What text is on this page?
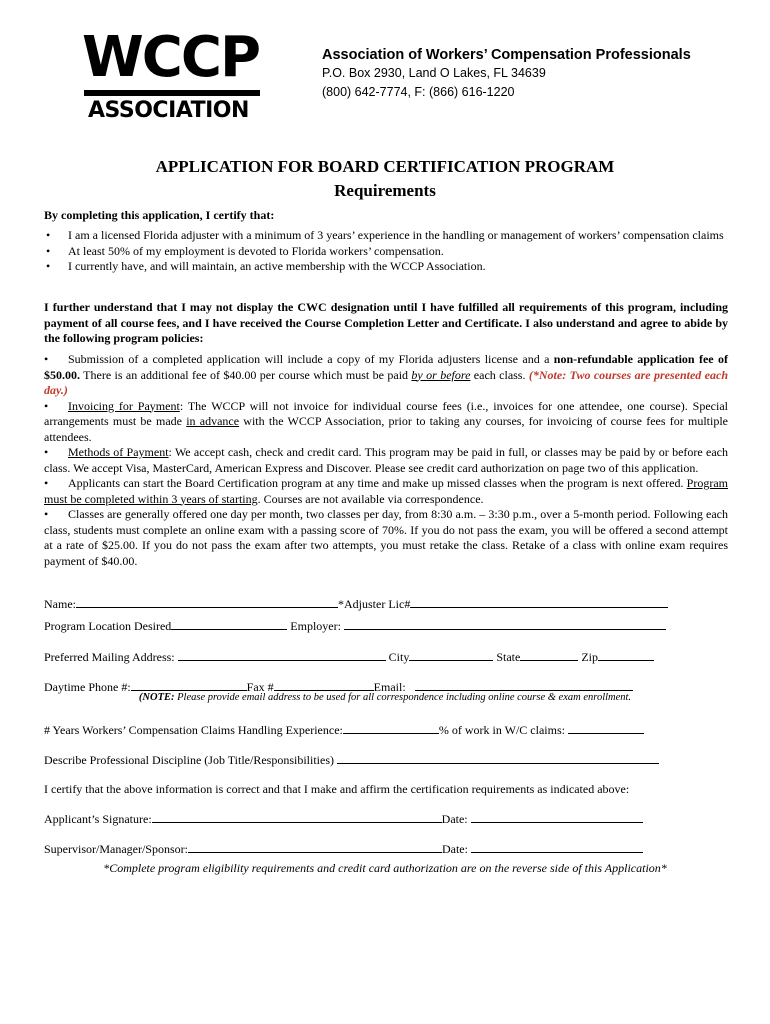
WCCP
ASSOCIATION
Association of Workers’ Compensation Professionals
P.O. Box 2930, Land O Lakes, FL 34639
(800) 642-7774, F: (866) 616-1220
APPLICATION FOR BOARD CERTIFICATION PROGRAM
Requirements
By completing this application, I certify that:
• I am a licensed Florida adjuster with a minimum of 3 years’ experience in the handling or management of workers’ compensation claims
• At least 50% of my employment is devoted to Florida workers’ compensation.
• I currently have, and will maintain, an active membership with the WCCP Association.
I further understand that I may not display the CWC designation until I have fulfilled all requirements of this program, including payment of all course fees, and I have received the Course Completion Letter and Certificate. I also understand and agree to abide by the following program policies:

• Submission of a completed application will include a copy of my Florida adjusters license and a non-refundable application fee of $50.00. There is an additional fee of $40.00 per course which must be paid by or before each class. (*Note: Two courses are presented each day.)

• Invoicing for Payment: The WCCP will not invoice for individual course fees (i.e., invoices for one attendee, one course). Special arrangements must be made in advance with the WCCP Association, prior to taking any courses, for invoicing of course fees for multiple attendees.

• Methods of Payment: We accept cash, check and credit card. This program may be paid in full, or classes may be paid by or before each class. We accept Visa, MasterCard, American Express and Discover. Please see credit card authorization on page two of this application.

• Applicants can start the Board Certification program at any time and make up missed classes when the program is next offered. Program must be completed within 3 years of starting. Courses are not available via correspondence.

• Classes are generally offered one day per month, two classes per day, from 8:30 a.m. – 3:30 p.m., over a 5-month period. Following each class, students must complete an online exam with a passing score of 70%. If you do not pass the exam, you will be offered a second attempt at a rate of $25.00. If you do not pass the exam after two attempts, you must retake the class. Retake of a class with online exam requires payment of $40.00.

Name:	*Adjuster Lic#
Program Location Desired	Employer:
Preferred Mailing Address:	City	State	Zip
Daytime Phone #:	Fax #	Email:
(NOTE: Please provide email address to be used for all correspondence including online course & exam enrollment.
# Years Workers’ Compensation Claims Handling Experience:	% of work in W/C claims:
Describe Professional Discipline (Job Title/Responsibilities)
I certify that the above information is correct and that I make and affirm the certification requirements as indicated above:
Applicant’s Signature:	Date:
Supervisor/Manager/Sponsor:	Date:
*Complete program eligibility requirements and credit card authorization are on the reverse side of this Application*
